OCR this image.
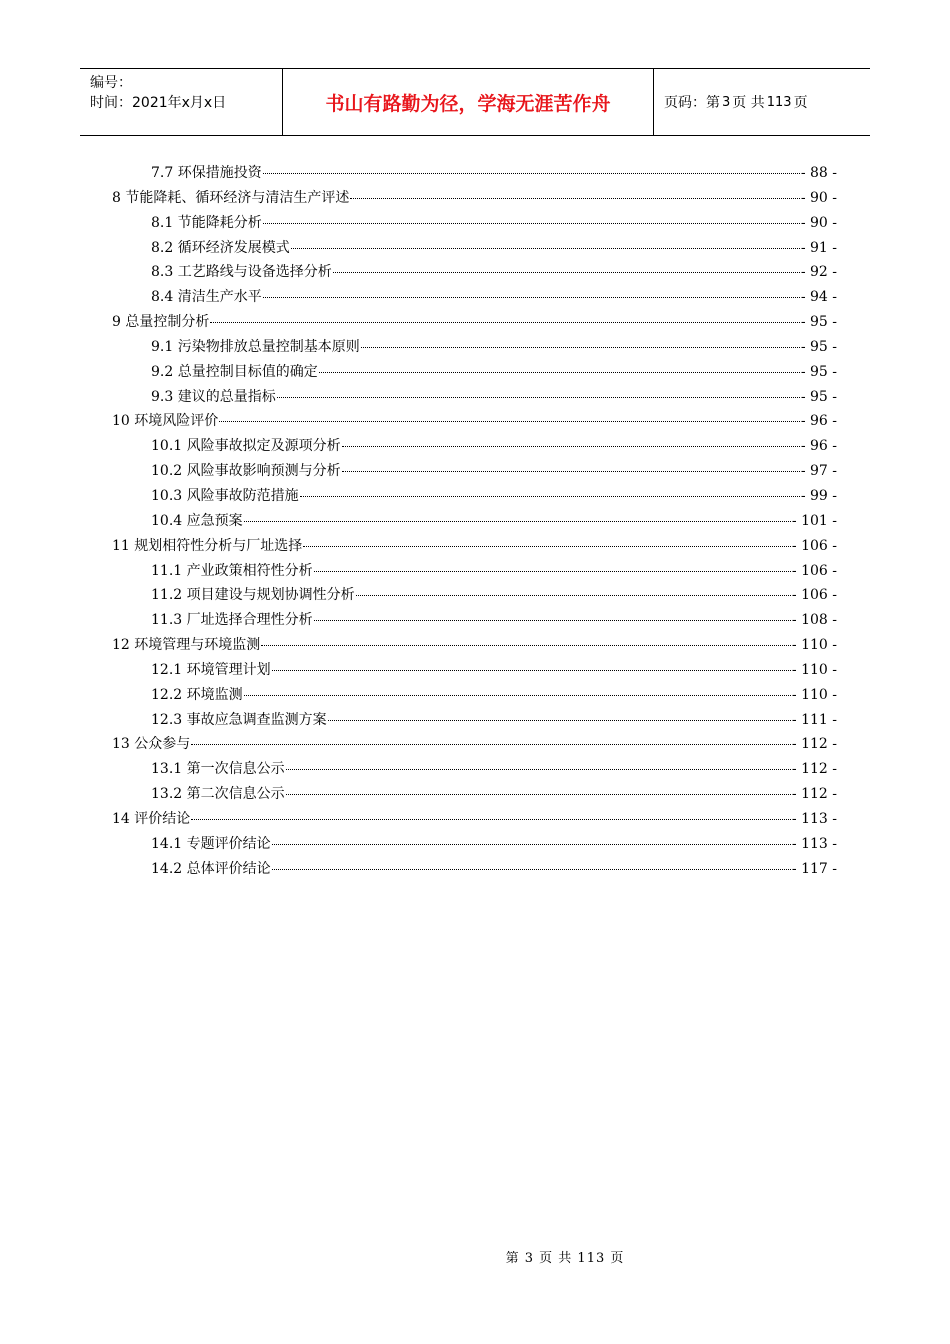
编号：
时间：2021年x月x日	书山有路勤为径，学海无涯苦作舟	页码：第 3 页 共 113 页
7.7 环保措施投资	- 88 -
8 节能降耗、循环经济与清洁生产评述	- 90 -
8.1 节能降耗分析	- 90 -
8.2 循环经济发展模式	- 91 -
8.3 工艺路线与设备选择分析	- 92 -
8.4 清洁生产水平	- 94 -
9 总量控制分析	- 95 -
9.1 污染物排放总量控制基本原则	- 95 -
9.2 总量控制目标值的确定	- 95 -
9.3 建议的总量指标	- 95 -
10 环境风险评价	- 96 -
10.1 风险事故拟定及源项分析	- 96 -
10.2 风险事故影响预测与分析	- 97 -
10.3 风险事故防范措施	- 99 -
10.4 应急预案	- 101 -
11 规划相符性分析与厂址选择	- 106 -
11.1 产业政策相符性分析	- 106 -
11.2 项目建设与规划协调性分析	- 106 -
11.3 厂址选择合理性分析	- 108 -
12 环境管理与环境监测	- 110 -
12.1 环境管理计划	- 110 -
12.2 环境监测	- 110 -
12.3 事故应急调查监测方案	- 111 -
13 公众参与	- 112 -
13.1 第一次信息公示	- 112 -
13.2 第二次信息公示	- 112 -
14 评价结论	- 113 -
14.1 专题评价结论	- 113 -
14.2 总体评价结论	- 117 -
第 3 页 共 113 页
